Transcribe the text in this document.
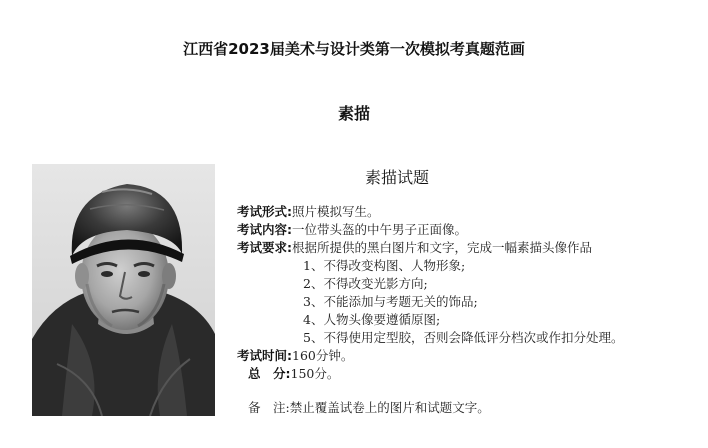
江西省2023届美术与设计类第一次模拟考真题范画
素描
素描试题
考试形式:照片模拟写生。
考试内容:一位带头盔的中午男子正面像。
考试要求:根据所提供的黑白图片和文字，完成一幅素描头像作品
1、不得改变构图、人物形象;
2、不得改变光影方向;
3、不能添加与考题无关的饰品;
4、人物头像要遵循原图;
5、不得使用定型胶，否则会降低评分档次或作扣分处理。
考试时间:160分钟。
总　分:150分。
备　注:禁止覆盖试卷上的图片和试题文字。
